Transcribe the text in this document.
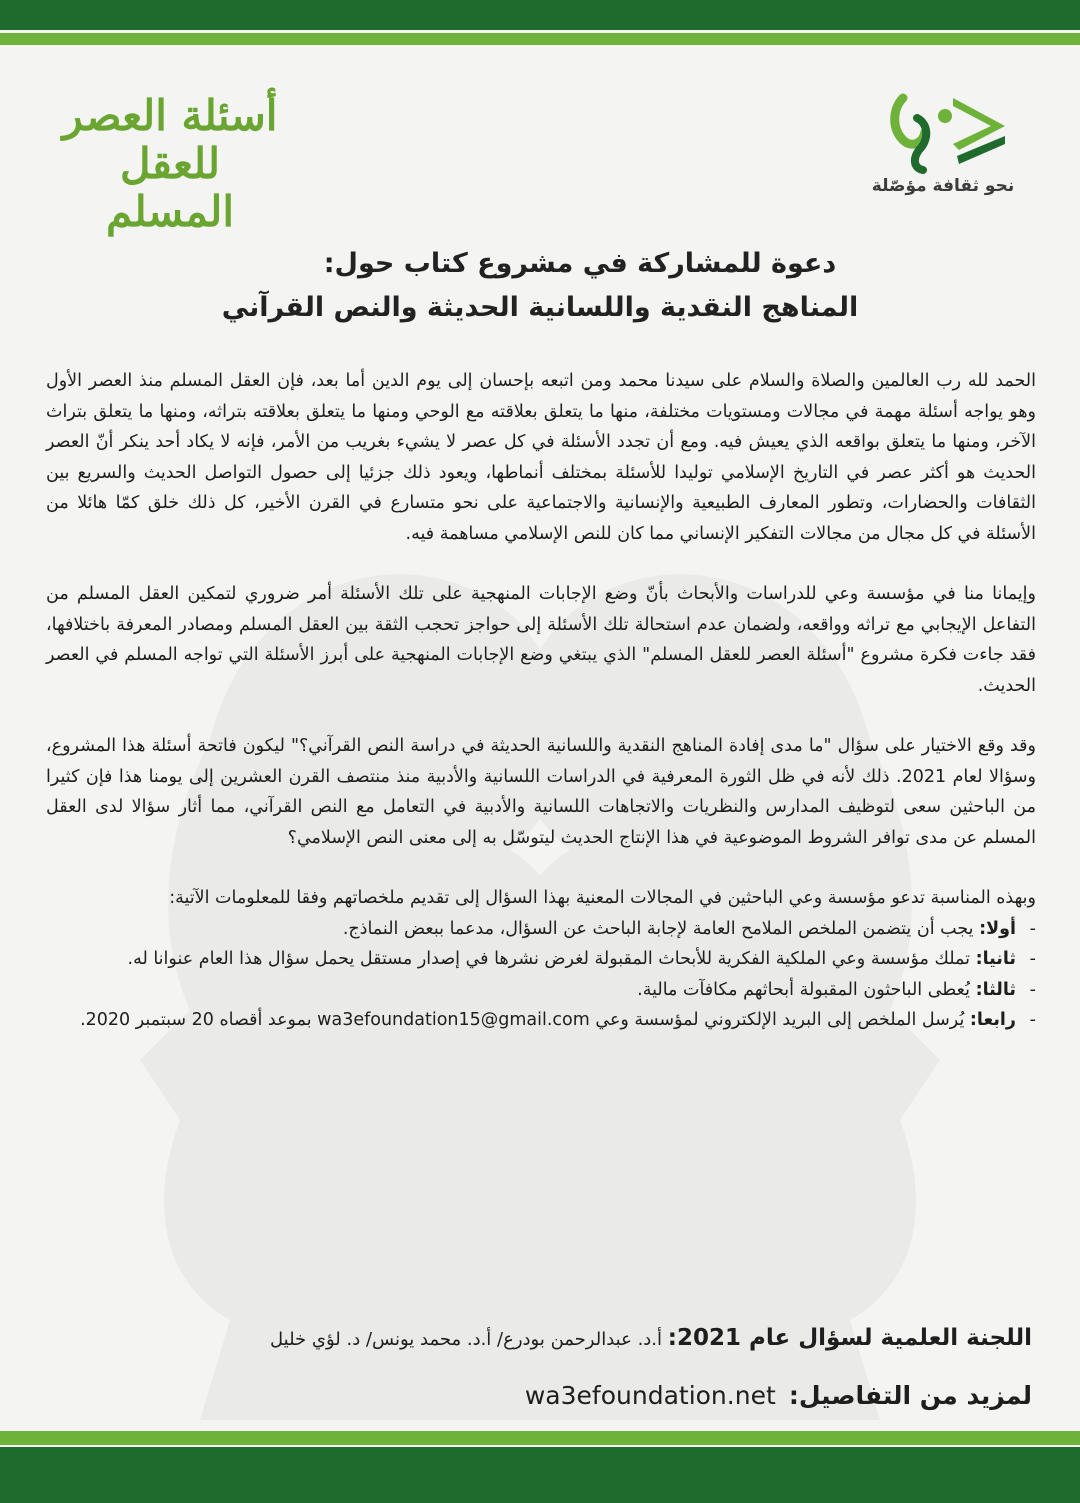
أسئلة العصر
للعقل المسلم
نحو ثقافة مؤصّلة
دعوة للمشاركة في مشروع كتاب حول:
المناهج النقدية واللسانية الحديثة والنص القرآني

الحمد لله رب العالمين والصلاة والسلام على سيدنا محمد ومن اتبعه بإحسان إلى يوم الدين أما بعد، فإن العقل المسلم منذ العصر الأول وهو يواجه أسئلة مهمة في مجالات ومستويات مختلفة، منها ما يتعلق بعلاقته مع الوحي ومنها ما يتعلق بعلاقته بتراثه، ومنها ما يتعلق بتراث الآخر، ومنها ما يتعلق بواقعه الذي يعيش فيه. ومع أن تجدد الأسئلة في كل عصر لا يشيء بغريب من الأمر، فإنه لا يكاد أحد ينكر أنّ العصر الحديث هو أكثر عصر في التاريخ الإسلامي توليدا للأسئلة بمختلف أنماطها، ويعود ذلك جزئيا إلى حصول التواصل الحديث والسريع بين الثقافات والحضارات، وتطور المعارف الطبيعية والإنسانية والاجتماعية على نحو متسارع في القرن الأخير، كل ذلك خلق كمّا هائلا من الأسئلة في كل مجال من مجالات التفكير الإنساني مما كان للنص الإسلامي مساهمة فيه.

وإيمانا منا في مؤسسة وعي للدراسات والأبحاث بأنّ وضع الإجابات المنهجية على تلك الأسئلة أمر ضروري لتمكين العقل المسلم من التفاعل الإيجابي مع تراثه وواقعه، ولضمان عدم استحالة تلك الأسئلة إلى حواجز تحجب الثقة بين العقل المسلم ومصادر المعرفة باختلافها، فقد جاءت فكرة مشروع "أسئلة العصر للعقل المسلم" الذي يبتغي وضع الإجابات المنهجية على أبرز الأسئلة التي تواجه المسلم في العصر الحديث.

وقد وقع الاختيار على سؤال "ما مدى إفادة المناهج النقدية واللسانية الحديثة في دراسة النص القرآني؟" ليكون فاتحة أسئلة هذا المشروع، وسؤالا لعام 2021. ذلك لأنه في ظل الثورة المعرفية في الدراسات اللسانية والأدبية منذ منتصف القرن العشرين إلى يومنا هذا فإن كثيرا من الباحثين سعى لتوظيف المدارس والنظريات والاتجاهات اللسانية والأدبية في التعامل مع النص القرآني، مما أثار سؤالا لدى العقل المسلم عن مدى توافر الشروط الموضوعية في هذا الإنتاج الحديث ليتوسّل به إلى معنى النص الإسلامي؟

وبهذه المناسبة تدعو مؤسسة وعي الباحثين في المجالات المعنية بهذا السؤال إلى تقديم ملخصاتهم وفقا للمعلومات الآتية:

-
أولا: يجب أن يتضمن الملخص الملامح العامة لإجابة الباحث عن السؤال، مدعما ببعض النماذج.
-
ثانيا: تملك مؤسسة وعي الملكية الفكرية للأبحاث المقبولة لغرض نشرها في إصدار مستقل يحمل سؤال هذا العام عنوانا له.
-
ثالثا: يُعطى الباحثون المقبولة أبحاثهم مكافآت مالية.
-
رابعا: يُرسل الملخص إلى البريد الإلكتروني لمؤسسة وعي wa3efoundation15@gmail.com بموعد أقصاه 20 سبتمبر 2020.
اللجنة العلمية لسؤال عام 2021: أ.د. عبدالرحمن بودرع/ أ.د. محمد يونس/ د. لؤي خليل
لمزيد من التفاصيل: wa3efoundation.net
